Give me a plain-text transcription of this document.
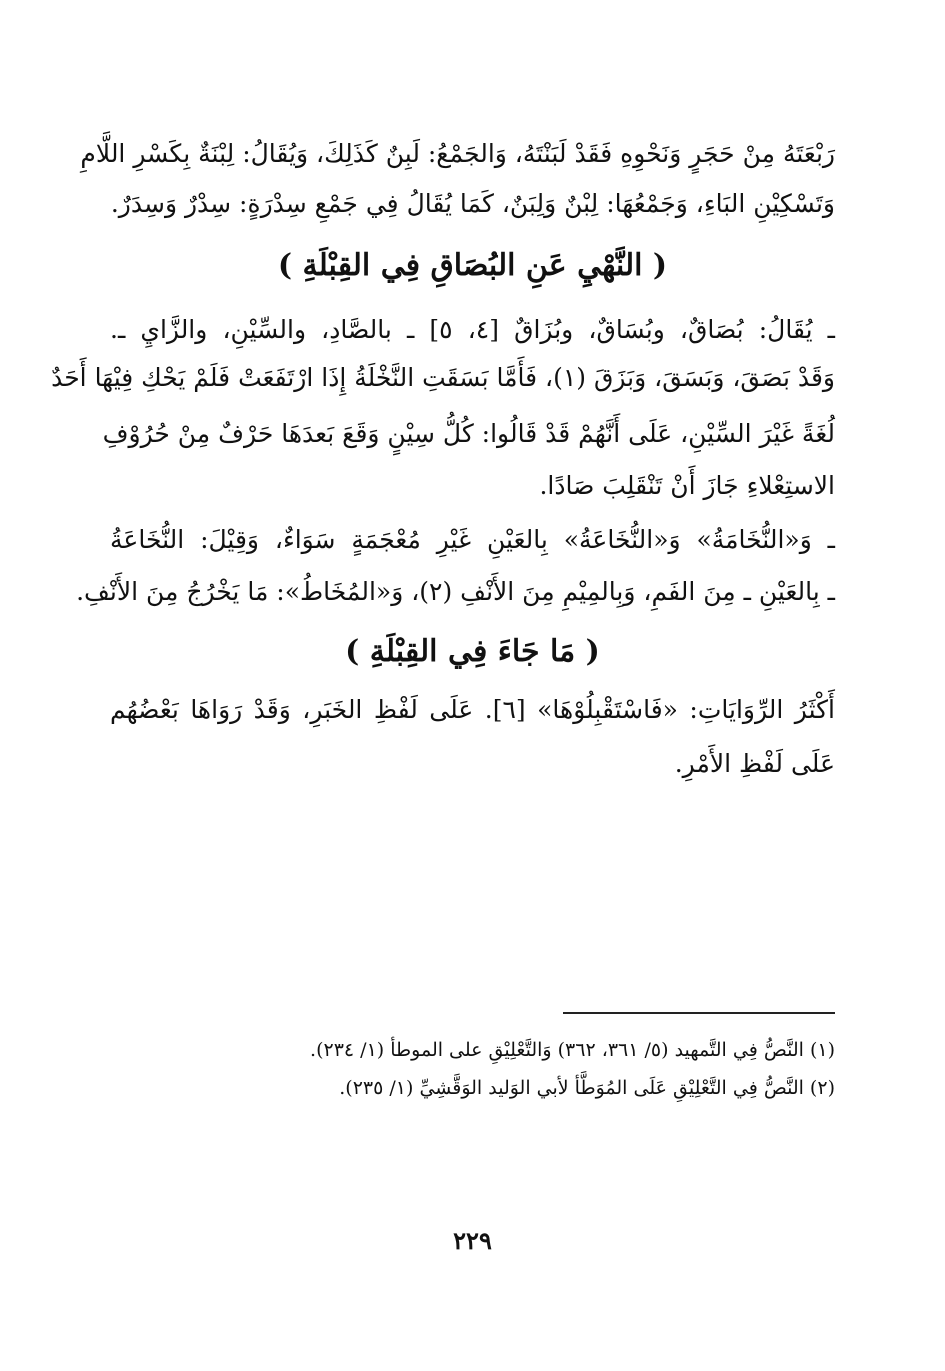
رَبْعَتَهُ مِنْ حَجَرٍ وَنَحْوِهِ فَقَدْ لَبَنْتَهُ، وَالجَمْعُ: لَبِنٌ كَذَلِكَ، وَيُقَالُ: لِبْنَةٌ بِكَسْرِ اللَّامِ
وَتَسْكِيْنِ البَاءِ، وَجَمْعُهَا: لِبْنٌ وَلِبَنٌ، كَمَا يُقَالُ فِي جَمْعِ سِدْرَةٍ: سِدْرٌ وَسِدَرٌ.
( النَّهْيِ عَنِ البُصَاقِ فِي القِبْلَةِ )
ـ يُقَالُ: بُصَاقٌ، وبُسَاقٌ، وبُزَاقٌ [٤، ٥] ـ بالصَّادِ، والسِّيْنِ، والزَّايِ ـ.
وَقَدْ بَصَقَ، وَبَسَقَ، وَبَزَقَ (١)، فَأَمَّا بَسَقَتِ النَّخْلَةُ إِذَا ارْتَفَعَتْ فَلَمْ يَحْكِ فِيْهَا أَحَدٌ
لُغَةً غَيْرَ السِّيْنِ، عَلَى أَنَّهُمْ قَدْ قَالُوا: كُلُّ سِيْنٍ وَقَعَ بَعدَهَا حَرْفٌ مِنْ حُرُوْفِ
الاستِعْلاءِ جَازَ أَنْ تَنْقَلِبَ صَادًا.
ـ وَ«النُّخَامَةُ» وَ«النُّخَاعَةُ» بِالعَيْنِ غَيْرِ مُعْجَمَةٍ سَوَاءٌ، وَقِيْلَ: النُّخَاعَةُ
ـ بِالعَيْنِ ـ مِنَ الفَمِ، وَبِالمِيْمِ مِنَ الأَنْفِ (٢)، وَ«المُخَاطُ»: مَا يَخْرُجُ مِنَ الأَنْفِ.
( مَا جَاءَ فِي القِبْلَةِ )
أَكْثَرُ الرِّوَايَاتِ: «فَاسْتَقْبِلُوْهَا» [٦]. عَلَى لَفْظِ الخَبَرِ، وَقَدْ رَوَاهَا بَعْضُهُم
عَلَى لَفْظِ الأَمْرِ.
(١) النَّصُّ فِي التَّمهيد (٥/ ٣٦١، ٣٦٢) وَالتَّعْلِيْقِ على الموطأ (١/ ٢٣٤).
(٢) النَّصُّ فِي التَّعْلِيْقِ عَلَى المُوَطَّأ لأبي الوَليد الوَقَّشِيِّ (١/ ٢٣٥).
٢٢٩
